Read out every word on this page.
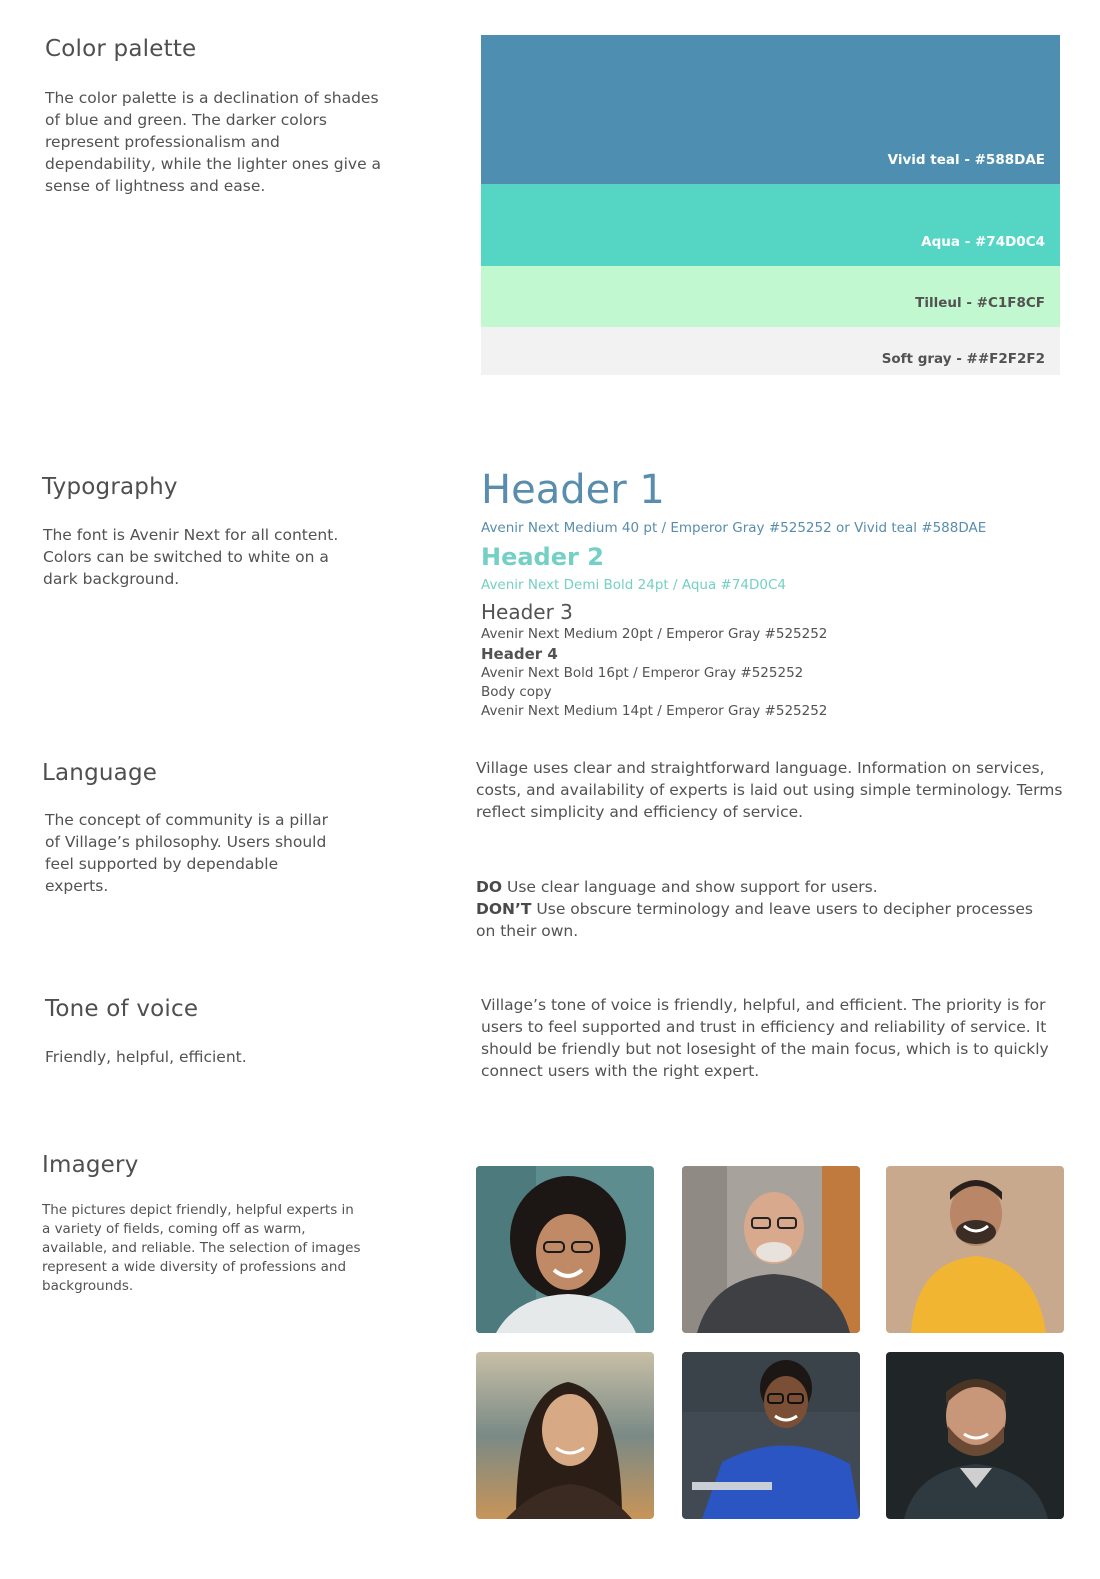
Color palette

The color palette is a declination of shades of blue and green. The darker colors represent professionalism and dependability, while the lighter ones give a sense of lightness and ease.

Vivid teal - #588DAE
Aqua - #74D0C4
Tilleul - #C1F8CF
Soft gray - ##F2F2F2
Typography

The font is Avenir Next for all content. Colors can be switched to white on a dark background.

Header 1

Avenir Next Medium 40 pt / Emperor Gray #525252 or Vivid teal #588DAE

Header 2

Avenir Next Demi Bold 24pt / Aqua #74D0C4

Header 3

Avenir Next Medium 20pt / Emperor Gray #525252

Header 4

Avenir Next Bold 16pt / Emperor Gray #525252

Body copy

Avenir Next Medium 14pt / Emperor Gray #525252

Language

The concept of community is a pillar of Village’s philosophy. Users should feel supported by dependable experts.

Village uses clear and straightforward language. Information on services, costs, and availability of experts is laid out using simple terminology. Terms reflect simplicity and efficiency of service.

DO Use clear language and show support for users.
DON’T Use obscure terminology and leave users to decipher processes on their own.

Tone of voice

Friendly, helpful, efficient.

Village’s tone of voice is friendly, helpful, and efficient. The priority is for users to feel supported and trust in efficiency and reliability of service. It should be friendly but not losesight of the main focus, which is to quickly connect users with the right expert.

Imagery

The pictures depict friendly, helpful experts in a variety of fields, coming off as warm, available, and reliable. The selection of images represent a wide diversity of professions and backgrounds.
